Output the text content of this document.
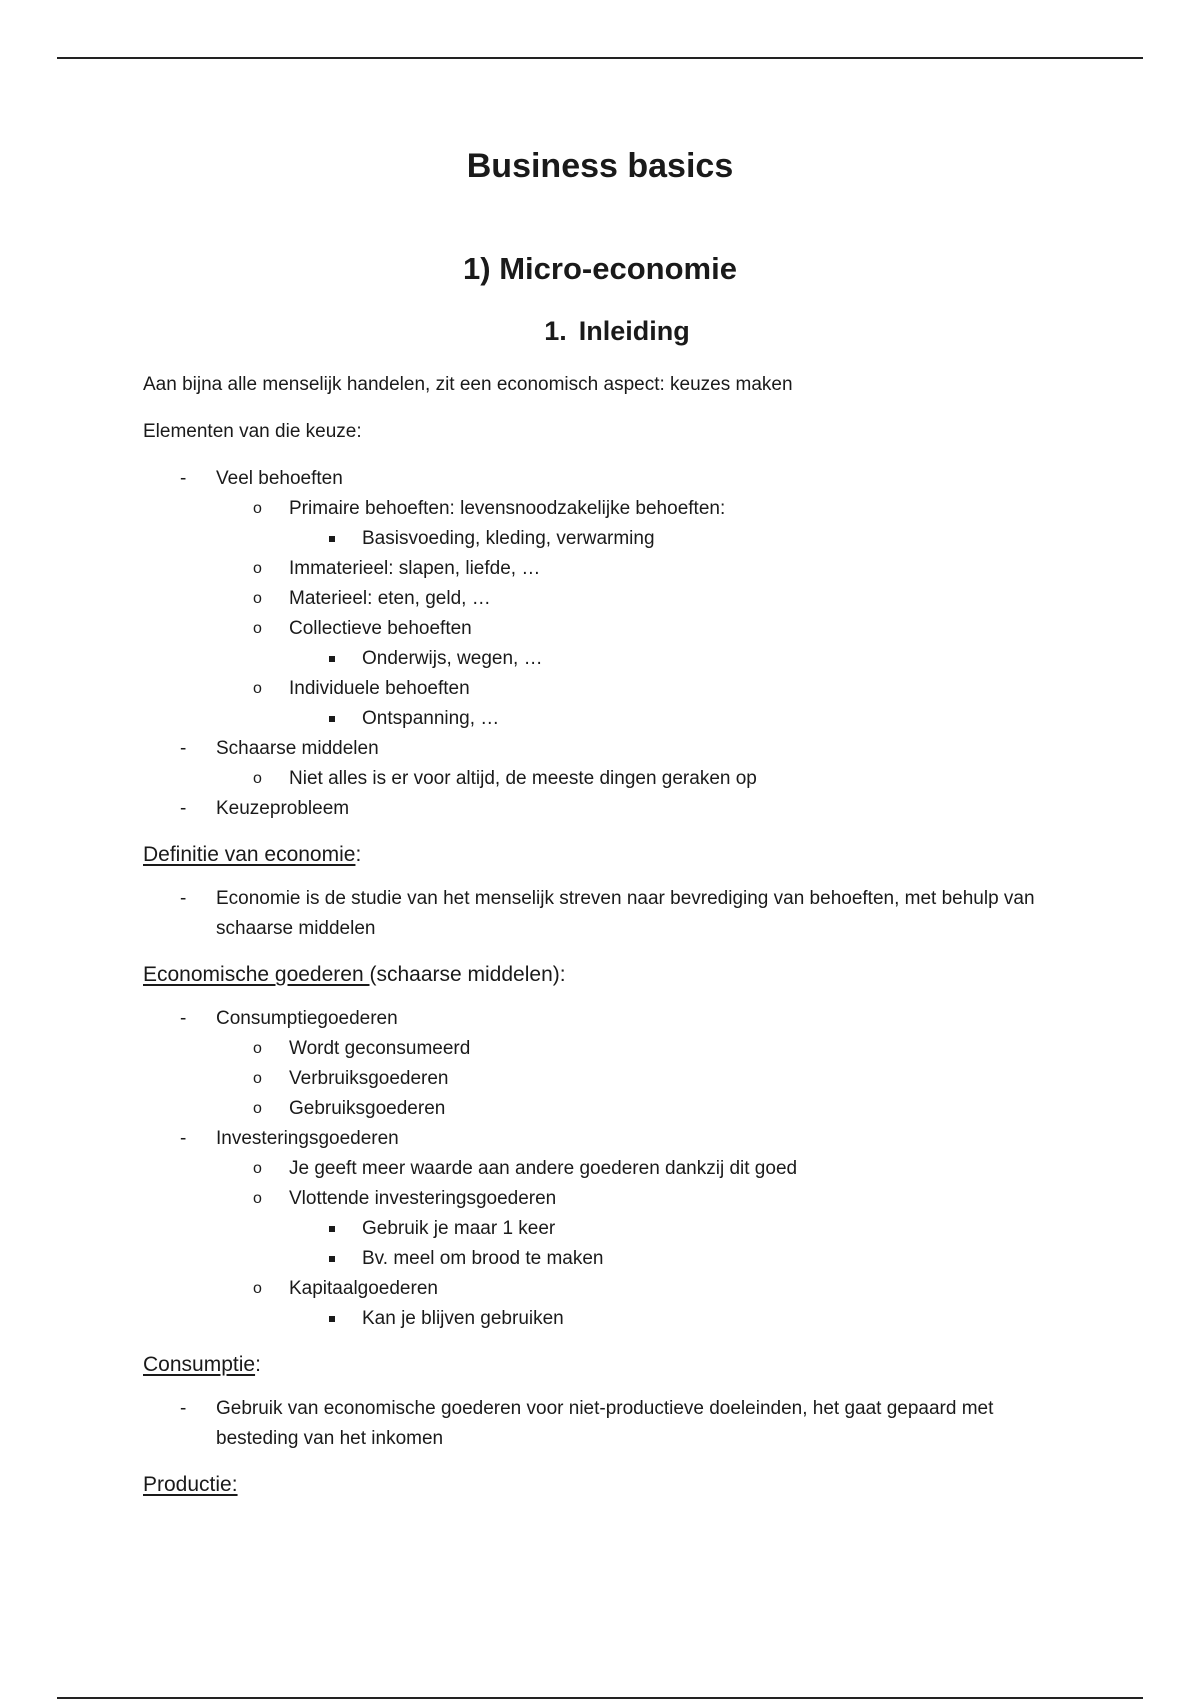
Business basics
1) Micro-economie
1. Inleiding

Aan bijna alle menselijk handelen, zit een economisch aspect: keuzes maken

Elementen van die keuze:

- Veel behoeften
o Primaire behoeften: levensnoodzakelijke behoeften:
Basisvoeding, kleding, verwarming
o Immaterieel: slapen, liefde, …
o Materieel: eten, geld, …
o Collectieve behoeften
Onderwijs, wegen, …
o Individuele behoeften
Ontspanning, …
- Schaarse middelen
o Niet alles is er voor altijd, de meeste dingen geraken op
- Keuzeprobleem

Definitie van economie:

- Economie is de studie van het menselijk streven naar bevrediging van behoeften, met behulp van schaarse middelen

Economische goederen (schaarse middelen):

- Consumptiegoederen
o Wordt geconsumeerd
o Verbruiksgoederen
o Gebruiksgoederen
- Investeringsgoederen
o Je geeft meer waarde aan andere goederen dankzij dit goed
o Vlottende investeringsgoederen
Gebruik je maar 1 keer
Bv. meel om brood te maken
o Kapitaalgoederen
Kan je blijven gebruiken

Consumptie:

- Gebruik van economische goederen voor niet-productieve doeleinden, het gaat gepaard met besteding van het inkomen

Productie:
